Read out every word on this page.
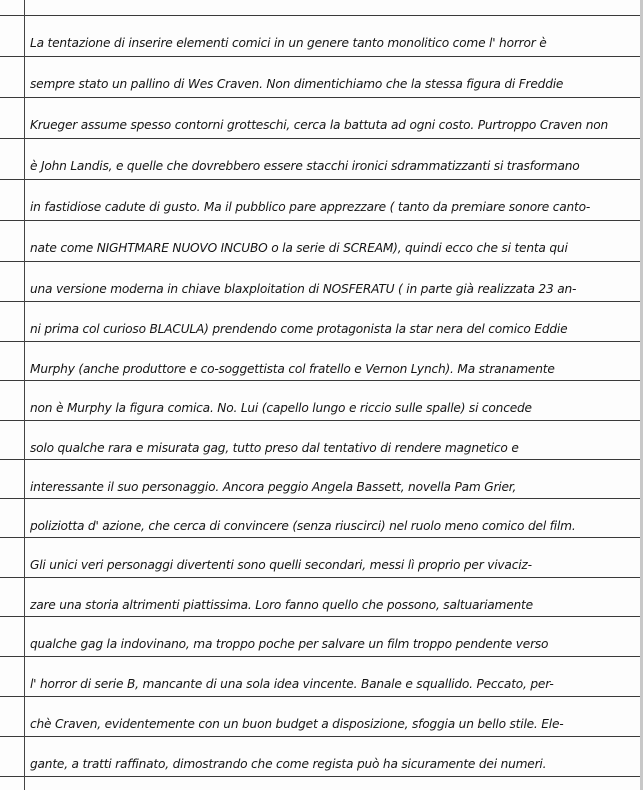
La tentazione di inserire elementi comici in un genere tanto monolitico come l' horror è
sempre stato un pallino di Wes Craven. Non dimentichiamo che la stessa figura di Freddie
Krueger assume spesso contorni grotteschi, cerca la battuta ad ogni costo. Purtroppo Craven non
è John Landis, e quelle che dovrebbero essere stacchi ironici sdrammatizzanti si trasformano
in fastidiose cadute di gusto. Ma il pubblico pare apprezzare ( tanto da premiare sonore canto-
nate come NIGHTMARE NUOVO INCUBO o la serie di SCREAM), quindi ecco che si tenta qui
una versione moderna in chiave blaxploitation di NOSFERATU ( in parte già realizzata 23 an-
ni prima col curioso BLACULA) prendendo come protagonista la star nera del comico Eddie
Murphy (anche produttore e co-soggettista col fratello e Vernon Lynch). Ma stranamente
non è Murphy la figura comica. No. Lui (capello lungo e riccio sulle spalle) si concede
solo qualche rara e misurata gag, tutto preso dal tentativo di rendere magnetico e
interessante il suo personaggio. Ancora peggio Angela Bassett, novella Pam Grier,
poliziotta d' azione, che cerca di convincere (senza riuscirci) nel ruolo meno comico del film.
Gli unici veri personaggi divertenti sono quelli secondari, messi lì proprio per vivaciz-
zare una storia altrimenti piattissima. Loro fanno quello che possono, saltuariamente
qualche gag la indovinano, ma troppo poche per salvare un film troppo pendente verso
l' horror di serie B, mancante di una sola idea vincente. Banale e squallido. Peccato, per-
chè Craven, evidentemente con un buon budget a disposizione, sfoggia un bello stile. Ele-
gante, a tratti raffinato, dimostrando che come regista può ha sicuramente dei numeri.
